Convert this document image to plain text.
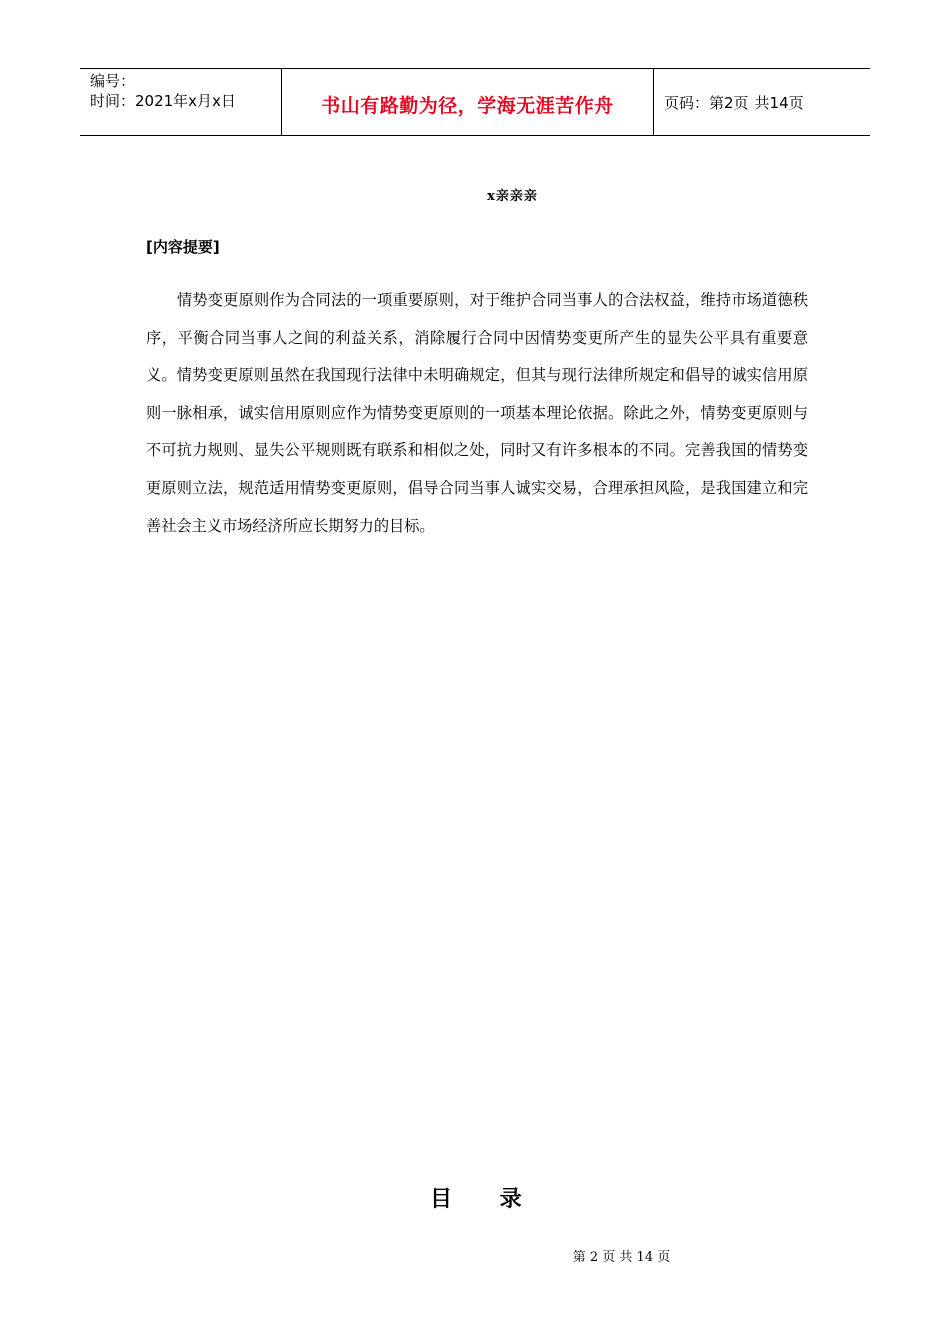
编号：
时间：2021年x月x日	书山有路勤为径，学海无涯苦作舟	页码：第2页 共14页
x亲亲亲
[内容提要]

情势变更原则作为合同法的一项重要原则，对于维护合同当事人的合法权益，维持市场道德秩序，平衡合同当事人之间的利益关系，消除履行合同中因情势变更所产生的显失公平具有重要意义。情势变更原则虽然在我国现行法律中未明确规定，但其与现行法律所规定和倡导的诚实信用原则一脉相承，诚实信用原则应作为情势变更原则的一项基本理论依据。除此之外，情势变更原则与不可抗力规则、显失公平规则既有联系和相似之处，同时又有许多根本的不同。完善我国的情势变更原则立法，规范适用情势变更原则，倡导合同当事人诚实交易，合理承担风险，是我国建立和完善社会主义市场经济所应长期努力的目标。

目 录
第 2 页 共 14 页
